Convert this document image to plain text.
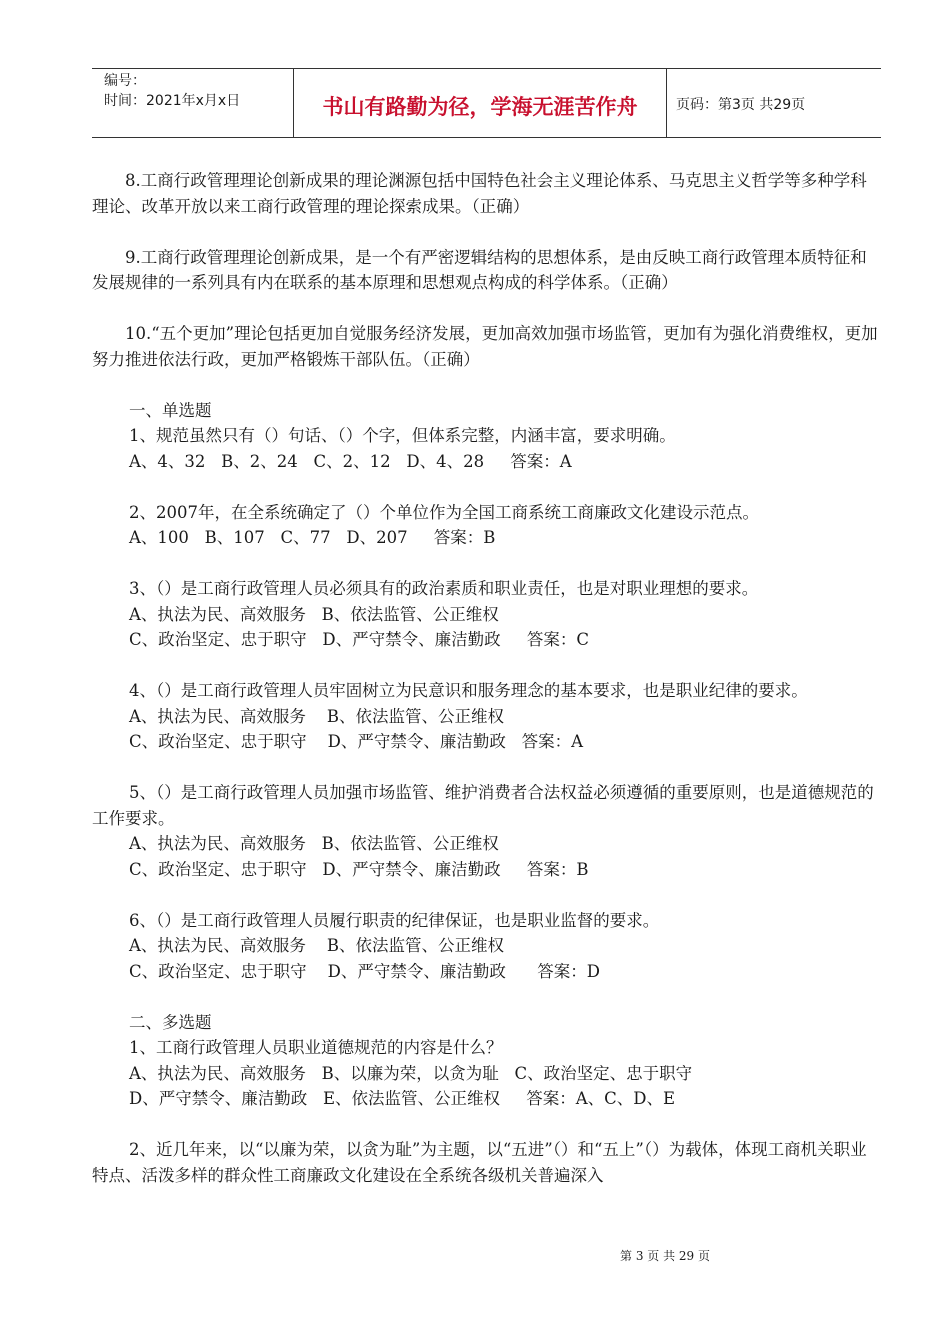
编号：
时间：2021年x月x日	书山有路勤为径，学海无涯苦作舟	页码：第3页 共29页

8.工商行政管理理论创新成果的理论渊源包括中国特色社会主义理论体系、马克思主义哲学等多种学科理论、改革开放以来工商行政管理的理论探索成果。（正确）

9.工商行政管理理论创新成果，是一个有严密逻辑结构的思想体系，是由反映工商行政管理本质特征和发展规律的一系列具有内在联系的基本原理和思想观点构成的科学体系。（正确）

10.“五个更加”理论包括更加自觉服务经济发展，更加高效加强市场监管，更加有为强化消费维权，更加努力推进依法行政，更加严格锻炼干部队伍。（正确）

一、单选题

1、规范虽然只有（）句话、（）个字，但体系完整，内涵丰富，要求明确。

A、4、32   B、2、24   C、2、12   D、4、28     答案：A

2、2007年，在全系统确定了（）个单位作为全国工商系统工商廉政文化建设示范点。

A、100   B、107   C、77   D、207     答案：B

3、（）是工商行政管理人员必须具有的政治素质和职业责任，也是对职业理想的要求。

A、执法为民、高效服务   B、依法监管、公正维权

C、政治坚定、忠于职守   D、严守禁令、廉洁勤政     答案：C

4、（）是工商行政管理人员牢固树立为民意识和服务理念的基本要求，也是职业纪律的要求。

A、执法为民、高效服务    B、依法监管、公正维权

C、政治坚定、忠于职守    D、严守禁令、廉洁勤政   答案：A

5、（）是工商行政管理人员加强市场监管、维护消费者合法权益必须遵循的重要原则，也是道德规范的工作要求。

A、执法为民、高效服务   B、依法监管、公正维权

C、政治坚定、忠于职守   D、严守禁令、廉洁勤政     答案：B

6、（）是工商行政管理人员履行职责的纪律保证，也是职业监督的要求。

A、执法为民、高效服务    B、依法监管、公正维权

C、政治坚定、忠于职守    D、严守禁令、廉洁勤政      答案：D

二、多选题

1、工商行政管理人员职业道德规范的内容是什么？

A、执法为民、高效服务   B、以廉为荣，以贪为耻   C、政治坚定、忠于职守

D、严守禁令、廉洁勤政   E、依法监管、公正维权     答案：A、C、D、E

2、近几年来，以“以廉为荣，以贪为耻”为主题，以“五进”（）和“五上”（）为载体，体现工商机关职业特点、活泼多样的群众性工商廉政文化建设在全系统各级机关普遍深入

第 3 页 共 29 页
